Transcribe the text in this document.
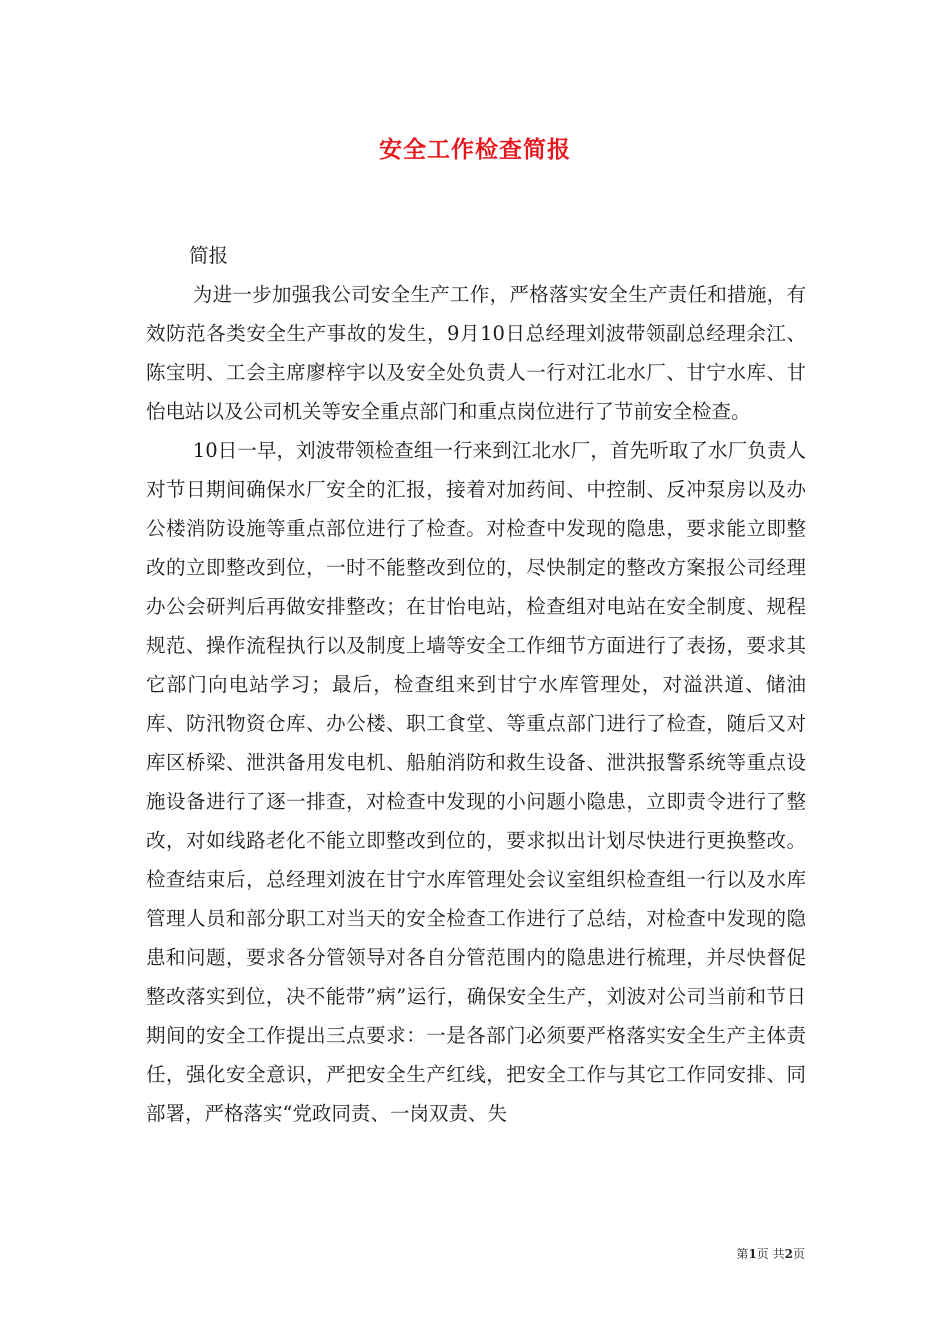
安全工作检查简报

简报

为进一步加强我公司安全生产工作，严格落实安全生产责任和措施，有效防范各类安全生产事故的发生，9月10日总经理刘波带领副总经理余江、陈宝明、工会主席廖梓宇以及安全处负责人一行对江北水厂、甘宁水库、甘怡电站以及公司机关等安全重点部门和重点岗位进行了节前安全检查。

10日一早，刘波带领检查组一行来到江北水厂，首先听取了水厂负责人对节日期间确保水厂安全的汇报，接着对加药间、中控制、反冲泵房以及办公楼消防设施等重点部位进行了检查。对检查中发现的隐患，要求能立即整改的立即整改到位，一时不能整改到位的，尽快制定的整改方案报公司经理办公会研判后再做安排整改；在甘怡电站，检查组对电站在安全制度、规程规范、操作流程执行以及制度上墙等安全工作细节方面进行了表扬，要求其它部门向电站学习；最后，检查组来到甘宁水库管理处，对溢洪道、储油库、防汛物资仓库、办公楼、职工食堂、等重点部门进行了检查，随后又对库区桥梁、泄洪备用发电机、船舶消防和救生设备、泄洪报警系统等重点设施设备进行了逐一排查，对检查中发现的小问题小隐患，立即责令进行了整改，对如线路老化不能立即整改到位的，要求拟出计划尽快进行更换整改。检查结束后，总经理刘波在甘宁水库管理处会议室组织检查组一行以及水库管理人员和部分职工对当天的安全检查工作进行了总结，对检查中发现的隐患和问题，要求各分管领导对各自分管范围内的隐患进行梳理，并尽快督促整改落实到位，决不能带”病”运行，确保安全生产，刘波对公司当前和节日期间的安全工作提出三点要求：一是各部门必须要严格落实安全生产主体责任，强化安全意识，严把安全生产红线，把安全工作与其它工作同安排、同部署，严格落实“党政同责、一岗双责、失

第1页 共2页
